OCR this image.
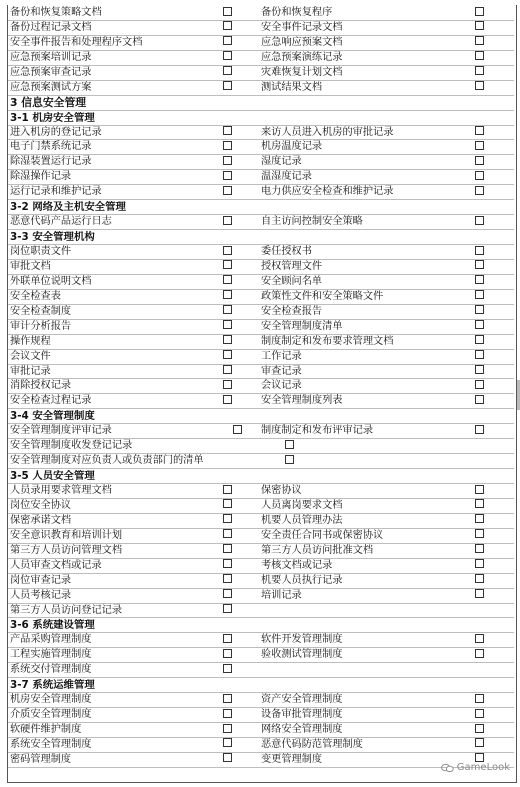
备份和恢复策略文档	备份和恢复程序
备份过程记录文档	安全事件记录文档
安全事件报告和处理程序文档	应急响应预案文档
应急预案培训记录	应急预案演练记录
应急预案审查记录	灾难恢复计划文档
应急预案测试方案	测试结果文档
3 信息安全管理
3-1 机房安全管理
进入机房的登记记录	来访人员进入机房的审批记录
电子门禁系统记录	机房温度记录
除湿装置运行记录	湿度记录
除湿操作记录	温湿度记录
运行记录和维护记录	电力供应安全检查和维护记录
3-2 网络及主机安全管理
恶意代码产品运行日志	自主访问控制安全策略
3-3 安全管理机构
岗位职责文件	委任授权书
审批文档	授权管理文件
外联单位说明文档	安全顾问名单
安全检查表	政策性文件和安全策略文件
安全检查制度	安全检查报告
审计分析报告	安全管理制度清单
操作规程	制度制定和发布要求管理文档
会议文件	工作记录
审批记录	审查记录
消除授权记录	会议记录
安全检查过程记录	安全管理制度列表
3-4 安全管理制度
安全管理制度评审记录	制度制定和发布评审记录
安全管理制度收发登记记录
安全管理制度对应负责人或负责部门的清单
3-5 人员安全管理
人员录用要求管理文档	保密协议
岗位安全协议	人员离岗要求文档
保密承诺文档	机要人员管理办法
安全意识教育和培训计划	安全责任合同书或保密协议
第三方人员访问管理文档	第三方人员访问批准文档
人员审查文档或记录	考核文档或记录
岗位审查记录	机要人员执行记录
人员考核记录	培训记录
第三方人员访问登记记录
3-6 系统建设管理
产品采购管理制度	软件开发管理制度
工程实施管理制度	验收测试管理制度
系统交付管理制度
3-7 系统运维管理
机房安全管理制度	资产安全管理制度
介质安全管理制度	设备审批管理制度
软硬件维护制度	网络安全管理制度
系统安全管理制度	恶意代码防范管理制度
密码管理制度	变更管理制度
GameLook
